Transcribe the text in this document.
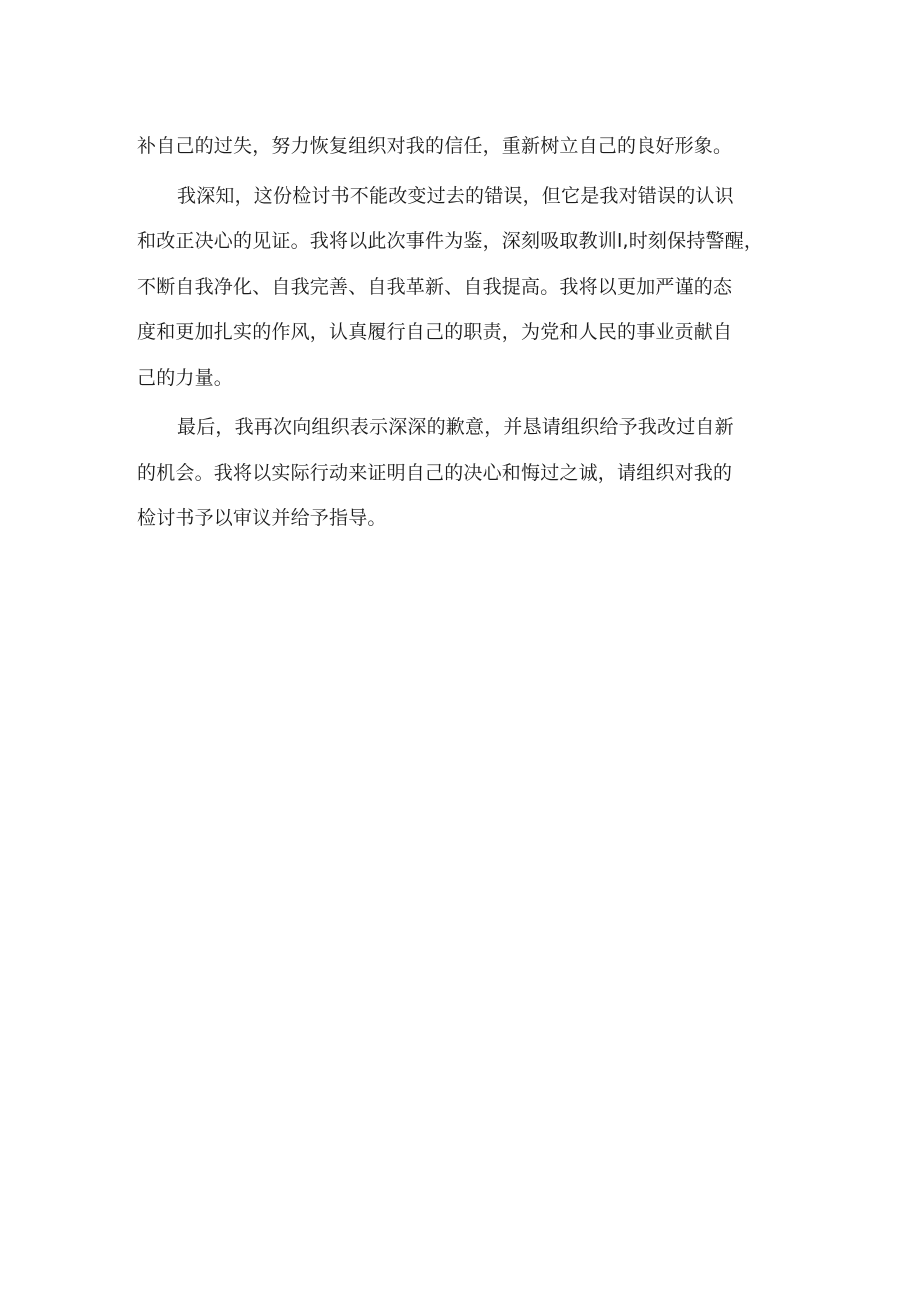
补自己的过失，努力恢复组织对我的信任，重新树立自己的良好形象。
我深知，这份检讨书不能改变过去的错误，但它是我对错误的认识
和改正决心的见证。我将以此次事件为鉴，深刻吸取教训l,时刻保持警醒，
不断自我净化、自我完善、自我革新、自我提高。我将以更加严谨的态
度和更加扎实的作风，认真履行自己的职责，为党和人民的事业贡献自
己的力量。
最后，我再次向组织表示深深的歉意，并恳请组织给予我改过自新
的机会。我将以实际行动来证明自己的决心和悔过之诚，请组织对我的
检讨书予以审议并给予指导。
